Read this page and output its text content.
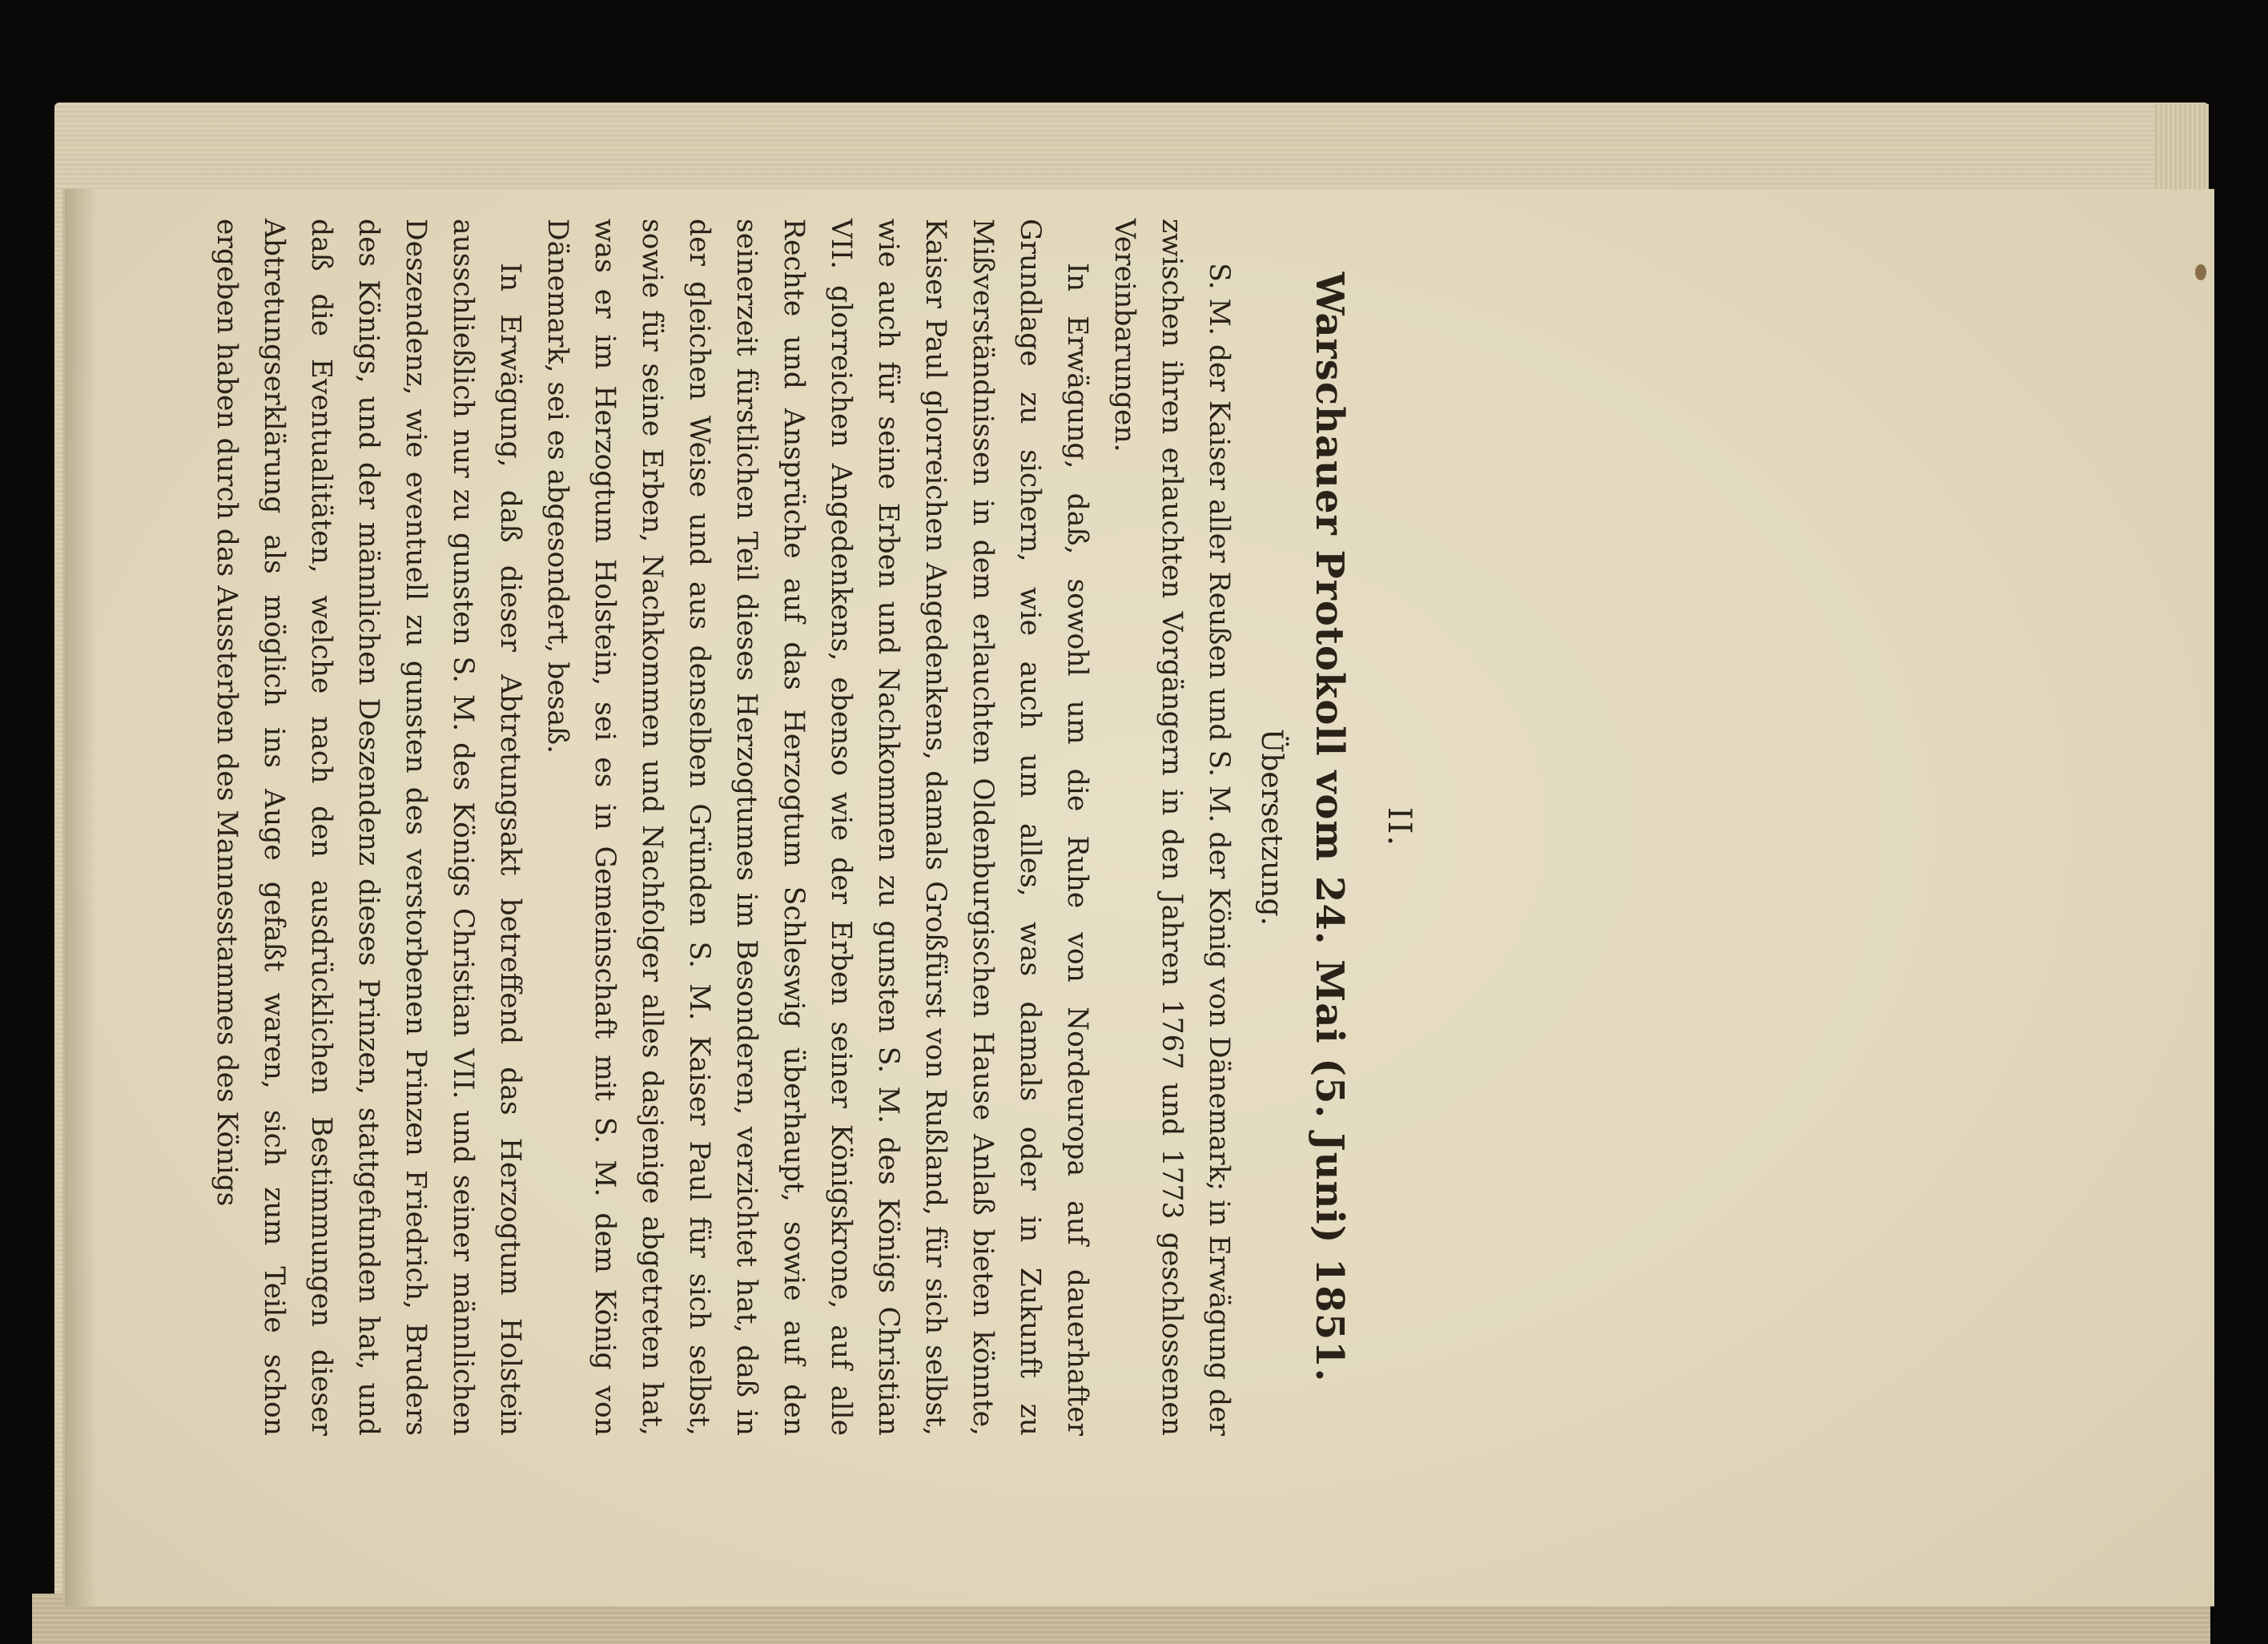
II.
Warschauer Protokoll vom 24. Mai (5. Juni) 1851.
Übersetzung.

S. M. der Kaiser aller Reußen und S. M. der König von Dänemark; in Erwägung der zwischen ihren erlauchten Vorgängern in den Jahren 1767 und 1773 geschlossenen Vereinbarungen.

In Erwägung, daß, sowohl um die Ruhe von Nordeuropa auf dauerhafter Grundlage zu sichern, wie auch um alles, was damals oder in Zukunft zu Mißverständnissen in dem erlauchten Oldenburgischen Hause Anlaß bieten könnte, Kaiser Paul glorreichen Angedenkens, damals Großfürst von Rußland, für sich selbst, wie auch für seine Erben und Nachkommen zu gunsten S. M. des Königs Christian VII. glorreichen Angedenkens, ebenso wie der Erben seiner Königskrone, auf alle Rechte und Ansprüche auf das Herzogtum Schleswig überhaupt, sowie auf den seinerzeit fürstlichen Teil dieses Herzogtumes im Besonderen, verzichtet hat, daß in der gleichen Weise und aus denselben Gründen S. M. Kaiser Paul für sich selbst, sowie für seine Erben, Nachkommen und Nachfolger alles dasjenige abgetreten hat, was er im Herzogtum Holstein, sei es in Gemeinschaft mit S. M. dem König von Dänemark, sei es abgesondert, besaß.

In Erwägung, daß dieser Abtretungsakt betreffend das Herzogtum Holstein ausschließlich nur zu gunsten S. M. des Königs Christian VII. und seiner männlichen Deszendenz, wie eventuell zu gunsten des verstorbenen Prinzen Friedrich, Bruders des Königs, und der männlichen Deszendenz dieses Prinzen, stattgefunden hat, und daß die Eventualitäten, welche nach den ausdrücklichen Bestimmungen dieser Abtretungserklärung als möglich ins Auge gefaßt waren, sich zum Teile schon ergeben haben durch das Aussterben des Mannesstammes des Königs
